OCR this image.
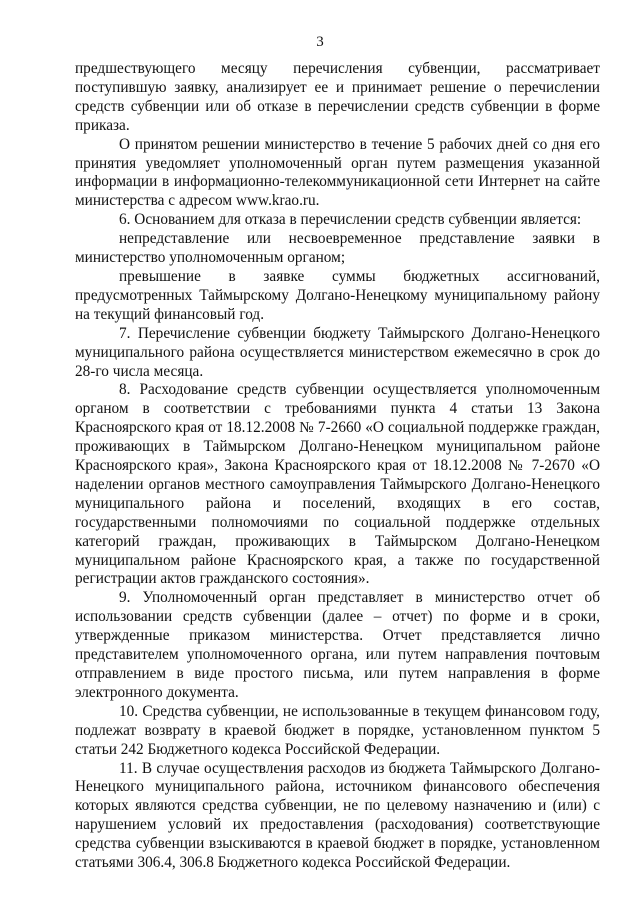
3

предшествующего месяцу перечисления субвенции, рассматривает поступившую заявку, анализирует ее и принимает решение о перечислении средств субвенции или об отказе в перечислении средств субвенции в форме приказа.

О принятом решении министерство в течение 5 рабочих дней со дня его принятия уведомляет уполномоченный орган путем размещения указанной информации в информационно-телекоммуникационной сети Интернет на сайте министерства с адресом www.krao.ru.

6. Основанием для отказа в перечислении средств субвенции является:

непредставление или несвоевременное представление заявки в министерство уполномоченным органом;

превышение в заявке суммы бюджетных ассигнований, предусмотренных Таймырскому Долгано-Ненецкому муниципальному району на текущий финансовый год.

7. Перечисление субвенции бюджету Таймырского Долгано-Ненецкого муниципального района осуществляется министерством ежемесячно в срок до 28-го числа месяца.

8. Расходование средств субвенции осуществляется уполномоченным органом в соответствии с требованиями пункта 4 статьи 13 Закона Красноярского края от 18.12.2008 № 7-2660 «О социальной поддержке граждан, проживающих в Таймырском Долгано-Ненецком муниципальном районе Красноярского края», Закона Красноярского края от 18.12.2008 № 7-2670 «О наделении органов местного самоуправления Таймырского Долгано-Ненецкого муниципального района и поселений, входящих в его состав, государственными полномочиями по социальной поддержке отдельных категорий граждан, проживающих в Таймырском Долгано-Ненецком муниципальном районе Красноярского края, а также по государственной регистрации актов гражданского состояния».

9. Уполномоченный орган представляет в министерство отчет об использовании средств субвенции (далее – отчет) по форме и в сроки, утвержденные приказом министерства. Отчет представляется лично представителем уполномоченного органа, или путем направления почтовым отправлением в виде простого письма, или путем направления в форме электронного документа.

10. Средства субвенции, не использованные в текущем финансовом году, подлежат возврату в краевой бюджет в порядке, установленном пунктом 5 статьи 242 Бюджетного кодекса Российской Федерации.

11. В случае осуществления расходов из бюджета Таймырского Долгано-Ненецкого муниципального района, источником финансового обеспечения которых являются средства субвенции, не по целевому назначению и (или) с нарушением условий их предоставления (расходования) соответствующие средства субвенции взыскиваются в краевой бюджет в порядке, установленном статьями 306.4, 306.8 Бюджетного кодекса Российской Федерации.
